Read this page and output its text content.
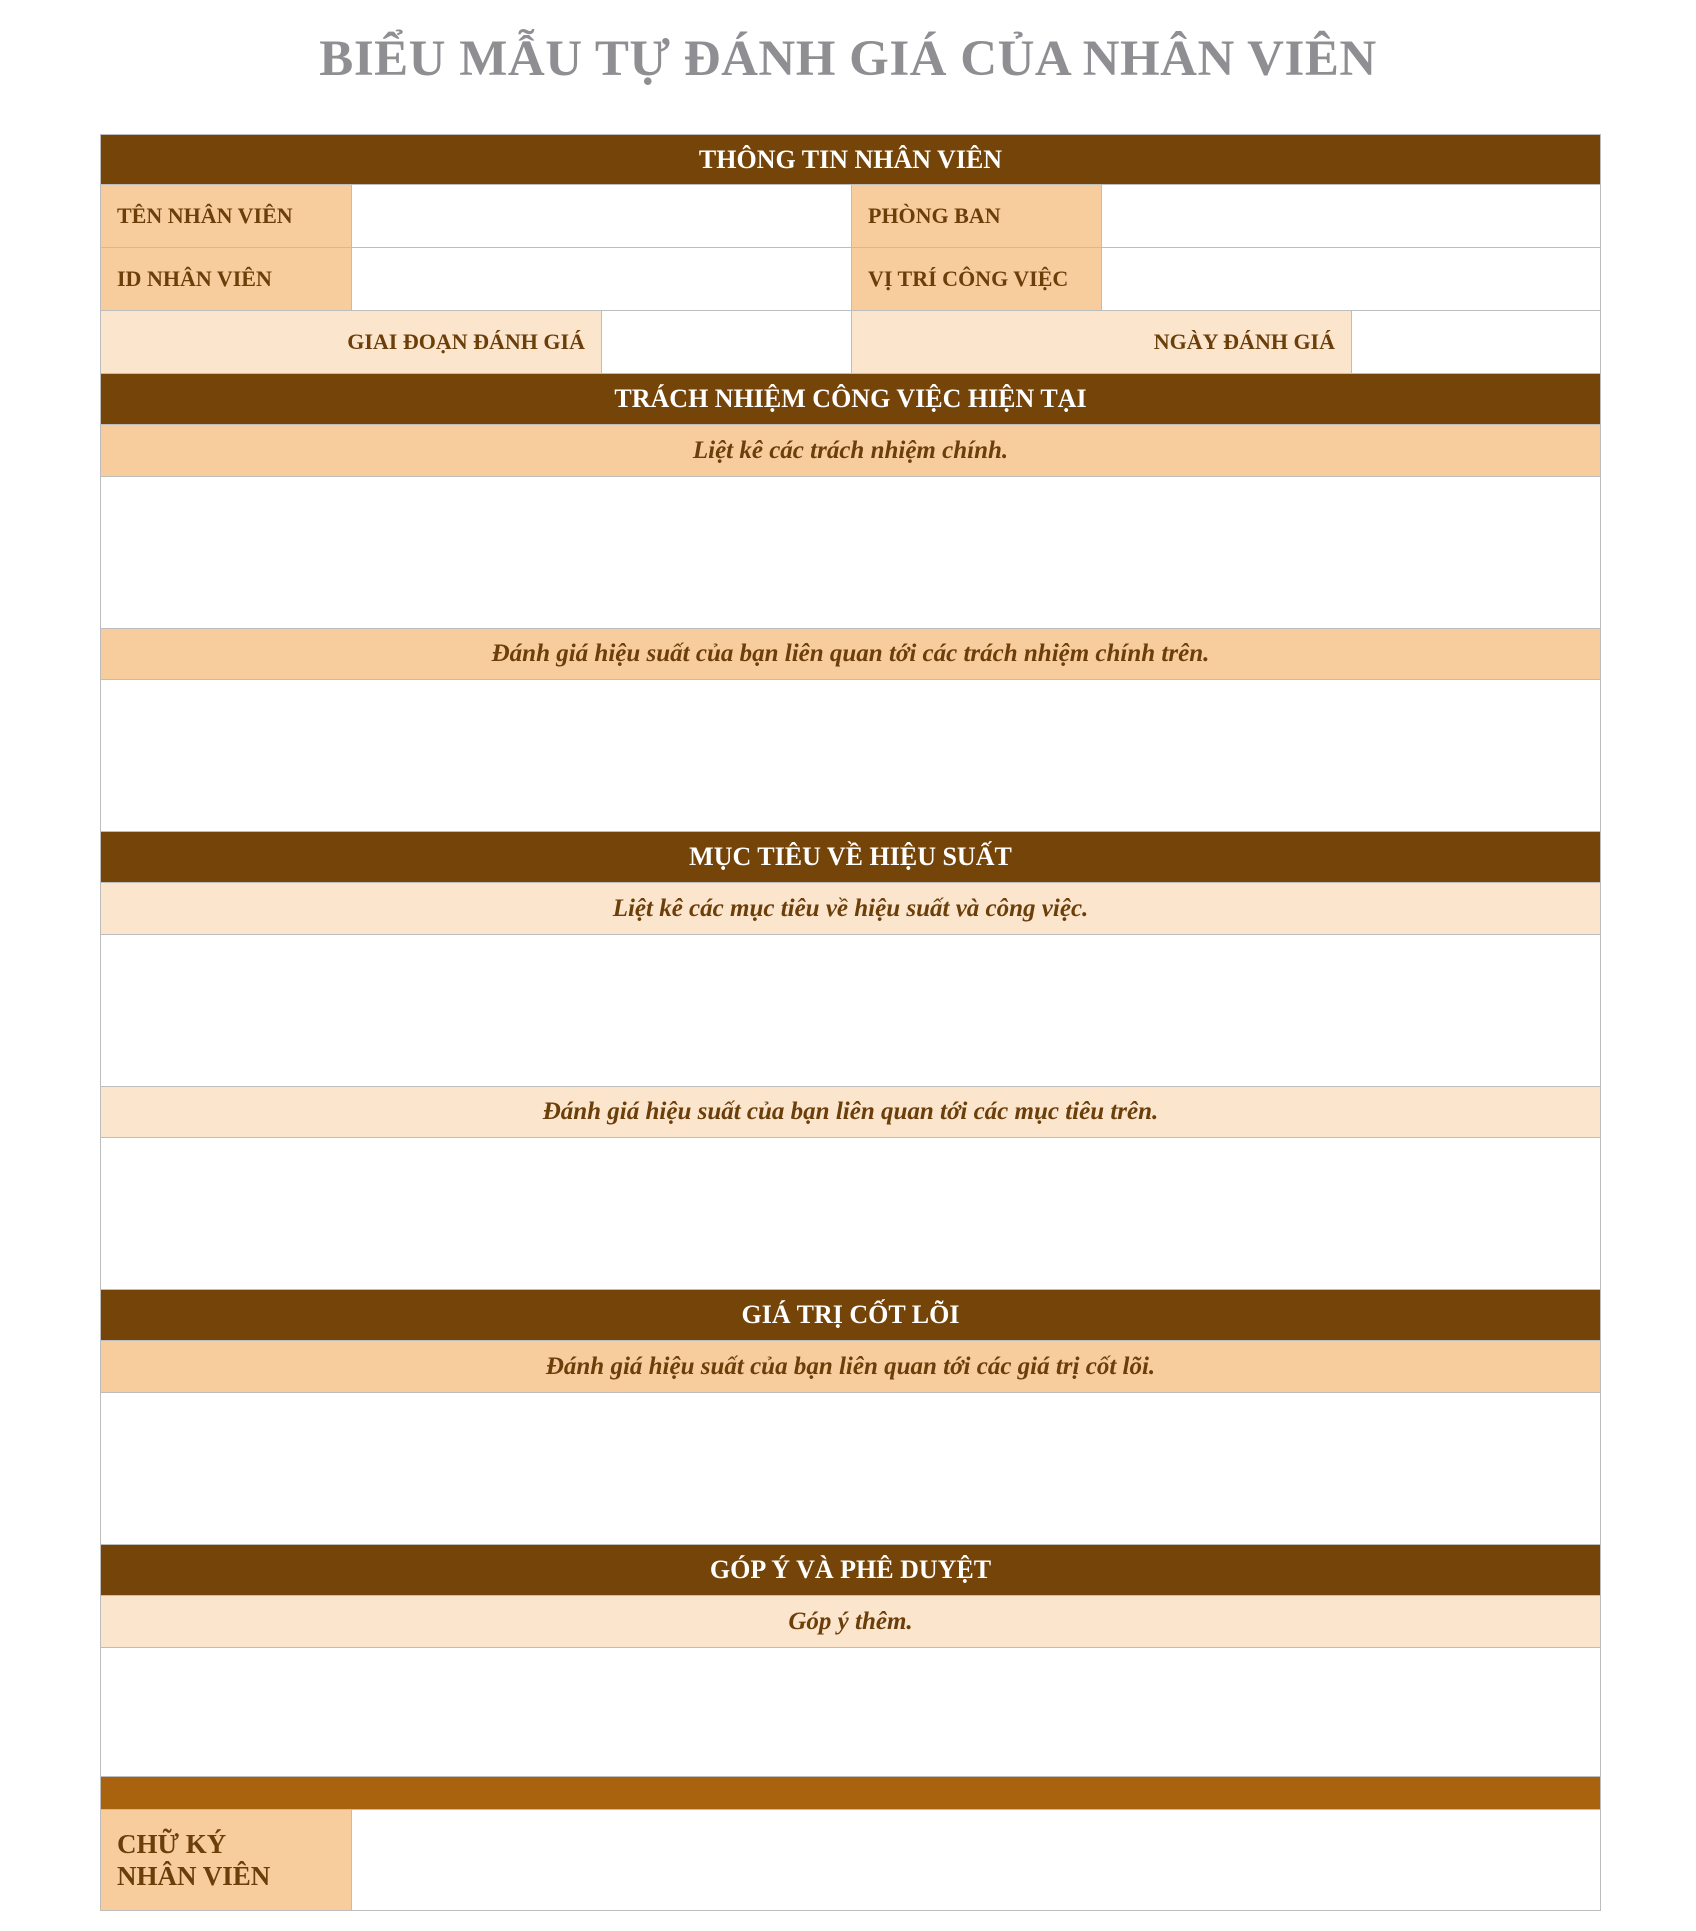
BIỂU MẪU TỰ ĐÁNH GIÁ CỦA NHÂN VIÊN
THÔNG TIN NHÂN VIÊN
TÊN NHÂN VIÊN	PHÒNG BAN
ID NHÂN VIÊN	VỊ TRÍ CÔNG VIỆC
GIAI ĐOẠN ĐÁNH GIÁ	NGÀY ĐÁNH GIÁ
TRÁCH NHIỆM CÔNG VIỆC HIỆN TẠI
Liệt kê các trách nhiệm chính.
Đánh giá hiệu suất của bạn liên quan tới các trách nhiệm chính trên.
MỤC TIÊU VỀ HIỆU SUẤT
Liệt kê các mục tiêu về hiệu suất và công việc.
Đánh giá hiệu suất của bạn liên quan tới các mục tiêu trên.
GIÁ TRỊ CỐT LÕI
Đánh giá hiệu suất của bạn liên quan tới các giá trị cốt lõi.
GÓP Ý VÀ PHÊ DUYỆT
Góp ý thêm.
CHỮ KÝ
NHÂN VIÊN
